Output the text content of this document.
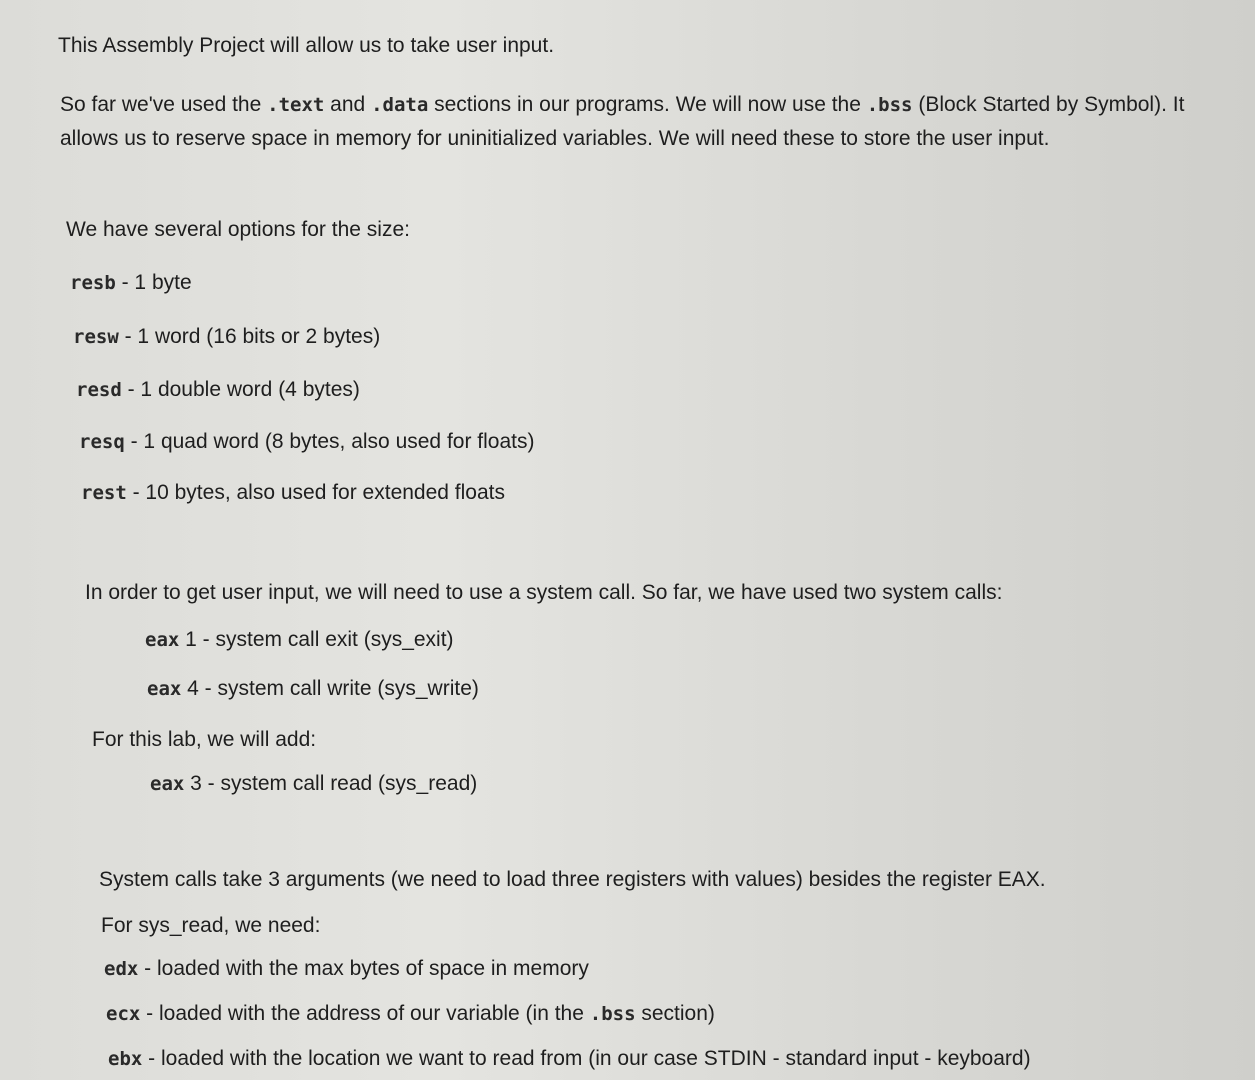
This Assembly Project will allow us to take user input.
So far we've used the .text and .data sections in our programs. We will now use the .bss (Block Started by Symbol). It allows us to reserve space in memory for uninitialized variables. We will need these to store the user input.
We have several options for the size:
resb - 1 byte
resw - 1 word (16 bits or 2 bytes)
resd - 1 double word (4 bytes)
resq - 1 quad word (8 bytes, also used for floats)
rest - 10 bytes, also used for extended floats
In order to get user input, we will need to use a system call. So far, we have used two system calls:
eax 1 - system call exit (sys_exit)
eax 4 - system call write (sys_write)
For this lab, we will add:
eax 3 - system call read (sys_read)
System calls take 3 arguments (we need to load three registers with values) besides the register EAX.
For sys_read, we need:
edx - loaded with the max bytes of space in memory
ecx - loaded with the address of our variable (in the .bss section)
ebx - loaded with the location we want to read from (in our case STDIN - standard input - keyboard)
